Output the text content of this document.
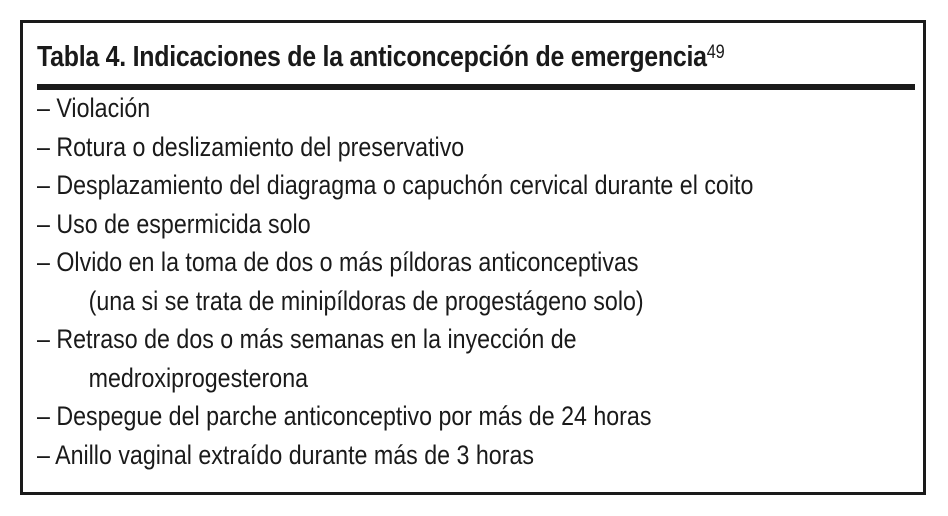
Tabla 4. Indicaciones de la anticoncepción de emergencia$^{49}$
– Violación
– Rotura o deslizamiento del preservativo
– Desplazamiento del diagragma o capuchón cervical durante el coito
– Uso de espermicida solo
– Olvido en la toma de dos o más píldoras anticonceptivas
(una si se trata de minipíldoras de progestágeno solo)
– Retraso de dos o más semanas en la inyección de
medroxiprogesterona
– Despegue del parche anticonceptivo por más de 24 horas
– Anillo vaginal extraído durante más de 3 horas
